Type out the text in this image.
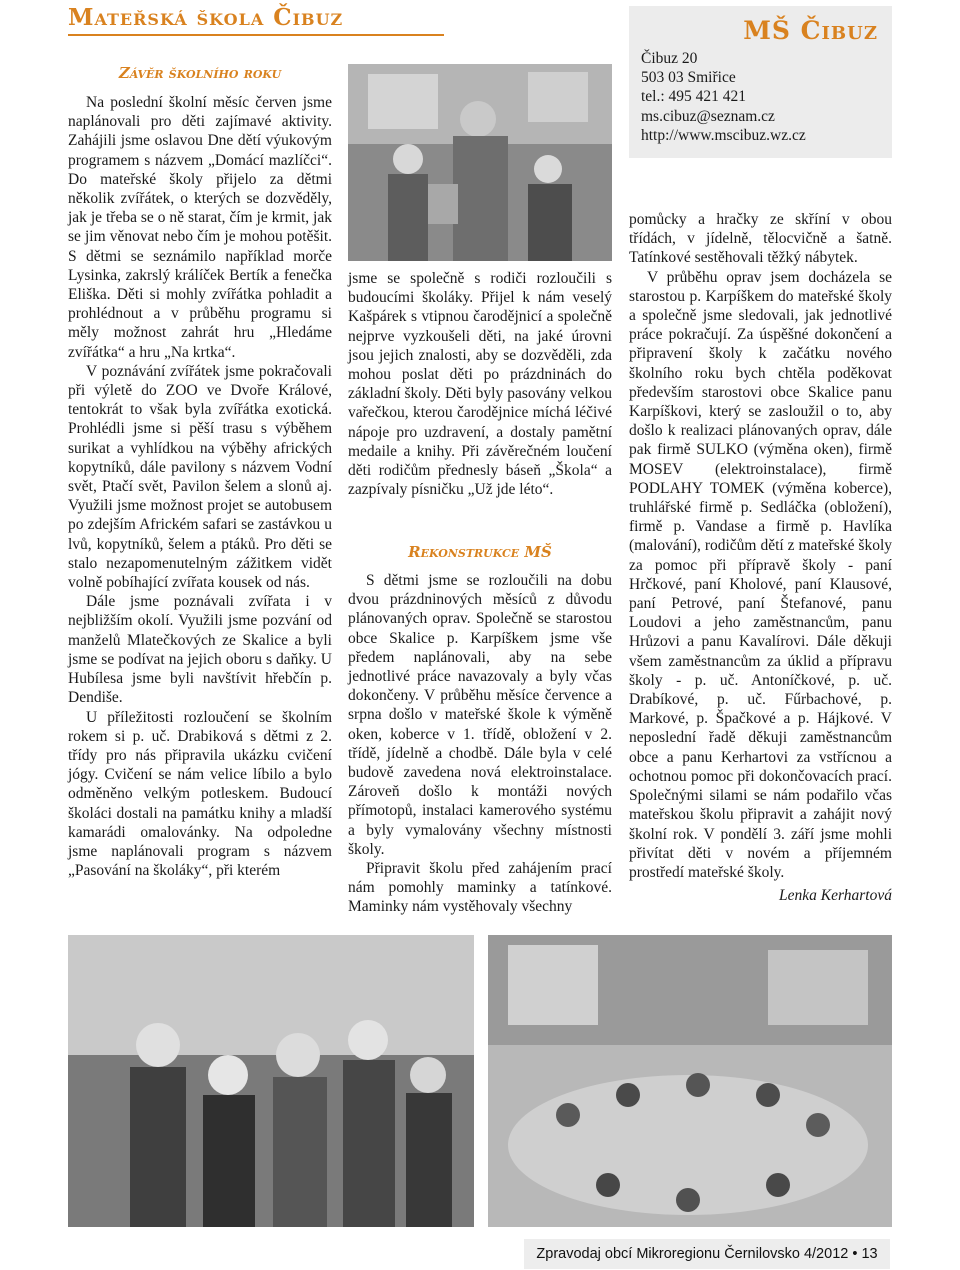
Mateřská škola Čibuz
Závěr školního roku

Na poslední školní měsíc červen jsme naplánovali pro děti zajímavé aktivity. Zahájili jsme oslavou Dne dětí výukovým programem s názvem „Domácí mazlíčci“. Do mateřské školy přijelo za dětmi několik zvířátek, o kterých se dozvěděly, jak je třeba se o ně starat, čím je krmit, jak se jim věnovat nebo čím je mohou potěšit. S dětmi se seznámilo například morče Lysinka, zakrslý králíček Bertík a fenečka Eliška. Děti si mohly zvířátka pohladit a prohlédnout a v průběhu programu si měly možnost zahrát hru „Hledáme zvířátka“ a hru „Na krtka“.

V poznávání zvířátek jsme pokračovali při výletě do ZOO ve Dvoře Králové, tentokrát to však byla zvířátka exotická. Prohlédli jsme si pěší trasu s výběhem surikat a vyhlídkou na výběhy afrických kopytníků, dále pavilony s názvem Vodní svět, Ptačí svět, Pavilon šelem a slonů aj. Využili jsme možnost projet se autobusem po zdejším Africkém safari se zastávkou u lvů, kopytníků, šelem a ptáků. Pro děti se stalo nezapomenutelným zážitkem vidět volně pobíhající zvířata kousek od nás.

Dále jsme poznávali zvířata i v nejbližším okolí. Využili jsme pozvání od manželů Mlatečkových ze Skalice a byli jsme se podívat na jejich oboru s daňky. U Hubílesa jsme byli navštívit hřebčín p. Dendiše.

U příležitosti rozloučení se školním rokem si p. uč. Drabiková s dětmi z 2. třídy pro nás připravila ukázku cvičení jógy. Cvičení se nám velice líbilo a bylo odměněno velkým potleskem. Budoucí školáci dostali na památku knihy a mladší kamarádi omalovánky. Na odpoledne jsme naplánovali program s názvem „Pasování na školáky“, při kterém

jsme se společně s rodiči rozloučili s budoucími školáky. Přijel k nám veselý Kašpárek s vtipnou čarodějnicí a společně nejprve vyzkoušeli děti, na jaké úrovni jsou jejich znalosti, aby se dozvěděli, zda mohou poslat děti po prázdninách do základní školy. Děti byly pasovány velkou vařečkou, kterou čarodějnice míchá léčivé nápoje pro uzdravení, a dostaly pamětní medaile a knihy. Při závěrečném loučení děti rodičům přednesly báseň „Škola“ a zazpívaly písničku „Už jde léto“.

Rekonstrukce MŠ

S dětmi jsme se rozloučili na dobu dvou prázdninových měsíců z důvodu plánovaných oprav. Společně se starostou obce Skalice p. Karpíškem jsme vše předem naplánovali, aby na sebe jednotlivé práce navazovaly a byly včas dokončeny. V průběhu měsíce července a srpna došlo v mateřské škole k výměně oken, koberce v 1. třídě, obložení v 2. třídě, jídelně a chodbě. Dále byla v celé budově zavedena nová elektroinstalace. Zároveň došlo k montáži nových přímotopů, instalaci kamerového systému a byly vymalovány všechny místnosti školy.

Připravit školu před zahájením prací nám pomohly maminky a tatínkové. Maminky nám vystěhovaly všechny

MŠ Čibuz
Čibuz 20
503 03 Smiřice
tel.: 495 421 421
ms.cibuz@seznam.cz
http://www.mscibuz.wz.cz

pomůcky a hračky ze skříní v obou třídách, v jídelně, tělocvičně a šatně. Tatínkové sestěhovali těžký nábytek.

V průběhu oprav jsem docházela se starostou p. Karpíškem do mateřské školy a společně jsme sledovali, jak jednotlivé práce pokračují. Za úspěšné dokončení a připravení školy k začátku nového školního roku bych chtěla poděkovat především starostovi obce Skalice panu Karpíškovi, který se zasloužil o to, aby došlo k realizaci plánovaných oprav, dále pak firmě SULKO (výměna oken), firmě MOSEV (elektroinstalace), firmě PODLAHY TOMEK (výměna koberce), truhlářské firmě p. Sedláčka (obložení), firmě p. Vandase a firmě p. Havlíka (malování), rodičům dětí z mateřské školy za pomoc při přípravě školy - paní Hrčkové, paní Kholové, paní Klausové, paní Petrové, paní Štefanové, panu Loudovi a jeho zaměstnancům, panu Hrůzovi a panu Kavalírovi. Dále děkuji všem zaměstnancům za úklid a přípravu školy - p. uč. Antoníčkové, p. uč. Drabíkové, p. uč. Fűrbachové, p. Markové, p. Špačkové a p. Hájkové. V neposlední řadě děkuji zaměstnancům obce a panu Kerhartovi za vstřícnou a ochotnou pomoc při dokončovacích prací. Společnými silami se nám podařilo včas mateřskou školu připravit a zahájit nový školní rok. V pondělí 3. září jsme mohli přivítat děti v novém a příjemném prostředí mateřské školy.

Lenka Kerhartová
Zpravodaj obcí Mikroregionu Černilovsko 4/2012 • 13
